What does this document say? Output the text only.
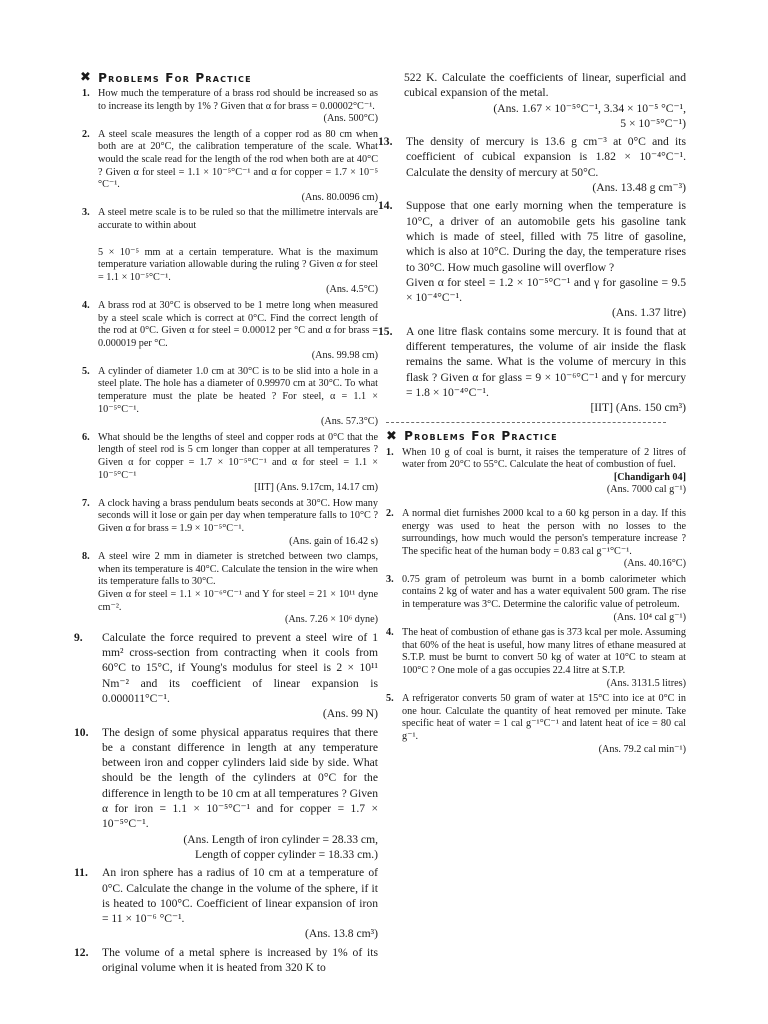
✖ Problems For Practice
1. How much the temperature of a brass rod should be increased so as to increase its length by 1% ? Given that α for brass = 0.00002°C⁻¹.
(Ans. 500°C)
2. A steel scale measures the length of a copper rod as 80 cm when both are at 20°C, the calibration temperature of the scale. What would the scale read for the length of the rod when both are at 40°C ? Given α for steel = 1.1 × 10⁻⁵°C⁻¹ and α for copper = 1.7 × 10⁻⁵ °C⁻¹.
(Ans. 80.0096 cm)
3. A steel metre scale is to be ruled so that the millimetre intervals are accurate to within about
5 × 10⁻⁵ mm at a certain temperature. What is the maximum temperature variation allowable during the ruling ? Given α for steel = 1.1 × 10⁻⁵°C⁻¹.
(Ans. 4.5°C)
4. A brass rod at 30°C is observed to be 1 metre long when measured by a steel scale which is correct at 0°C. Find the correct length of the rod at 0°C. Given α for steel = 0.00012 per °C and α for brass = 0.000019 per °C.
(Ans. 99.98 cm)
5. A cylinder of diameter 1.0 cm at 30°C is to be slid into a hole in a steel plate. The hole has a diameter of 0.99970 cm at 30°C. To what temperature must the plate be heated ? For steel, α = 1.1 × 10⁻⁵°C⁻¹.
(Ans. 57.3°C)
6. What should be the lengths of steel and copper rods at 0°C that the length of steel rod is 5 cm longer than copper at all temperatures ? Given α for copper = 1.7 × 10⁻⁵°C⁻¹ and α for steel = 1.1 × 10⁻⁵°C⁻¹
[IIT] (Ans. 9.17cm, 14.17 cm)
7. A clock having a brass pendulum beats seconds at 30°C. How many seconds will it lose or gain per day when temperature falls to 10°C ? Given α for brass = 1.9 × 10⁻⁵°C⁻¹.
(Ans. gain of 16.42 s)
8. A steel wire 2 mm in diameter is stretched between two clamps, when its temperature is 40°C. Calculate the tension in the wire when its temperature falls to 30°C.
Given α for steel = 1.1 × 10⁻⁶°C⁻¹ and Y for steel = 21 × 10¹¹ dyne cm⁻².
(Ans. 7.26 × 10⁶ dyne)
9.	Calculate the force required to prevent a steel wire of 1 mm² cross-section from contracting when it cools from 60°C to 15°C, if Young's modulus for steel is 2 × 10¹¹ Nm⁻² and its coefficient of linear expansion is 0.000011°C⁻¹.
(Ans. 99 N)
10.	The design of some physical apparatus requires that there be a constant difference in length at any temperature between iron and copper cylinders laid side by side. What should be the length of the cylinders at 0°C for the difference in length to be 10 cm at all temperatures ? Given α for iron = 1.1 × 10⁻⁵°C⁻¹ and for copper = 1.7 × 10⁻⁵°C⁻¹.
(Ans. Length of iron cylinder = 28.33 cm,
Length of copper cylinder = 18.33 cm.)
11.	An iron sphere has a radius of 10 cm at a temperature of 0°C. Calculate the change in the volume of the sphere, if it is heated to 100°C. Coefficient of linear expansion of iron = 11 × 10⁻⁶ °C⁻¹.
(Ans. 13.8 cm³)
12.	The volume of a metal sphere is increased by 1% of its original volume when it is heated from 320 K to
522 K. Calculate the coefficients of linear, superficial and cubical expansion of the metal.
(Ans. 1.67 × 10⁻⁵°C⁻¹, 3.34 × 10⁻⁵ °C⁻¹,
5 × 10⁻⁵°C⁻¹)
13.	The density of mercury is 13.6 g cm⁻³ at 0°C and its coefficient of cubical expansion is 1.82 × 10⁻⁴°C⁻¹. Calculate the density of mercury at 50°C.
(Ans. 13.48 g cm⁻³)
14.	Suppose that one early morning when the temperature is 10°C, a driver of an automobile gets his gasoline tank which is made of steel, filled with 75 litre of gasoline, which is also at 10°C. During the day, the temperature rises to 30°C. How much gasoline will overflow ?
Given α for steel = 1.2 × 10⁻⁵°C⁻¹ and γ for gasoline = 9.5 × 10⁻⁴°C⁻¹.
(Ans. 1.37 litre)
15.	A one litre flask contains some mercury. It is found that at different temperatures, the volume of air inside the flask remains the same. What is the volume of mercury in this flask ? Given α for glass = 9 × 10⁻⁶°C⁻¹ and γ for mercury = 1.8 × 10⁻⁴°C⁻¹.
[IIT] (Ans. 150 cm³)
✖ Problems For Practice
1. When 10 g of coal is burnt, it raises the temperature of 2 litres of water from 20°C to 55°C. Calculate the heat of combustion of fuel.
[Chandigarh 04]
(Ans. 7000 cal g⁻¹)
2. A normal diet furnishes 2000 kcal to a 60 kg person in a day. If this energy was used to heat the person with no losses to the surroundings, how much would the person's temperature increase ? The specific heat of the human body = 0.83 cal g⁻¹°C⁻¹.
(Ans. 40.16°C)
3. 0.75 gram of petroleum was burnt in a bomb calorimeter which contains 2 kg of water and has a water equivalent 500 gram. The rise in temperature was 3°C. Determine the calorific value of petroleum.
(Ans. 10⁴ cal g⁻¹)
4. The heat of combustion of ethane gas is 373 kcal per mole. Assuming that 60% of the heat is useful, how many litres of ethane measured at S.T.P. must be burnt to convert 50 kg of water at 10°C to steam at 100°C ? One mole of a gas occupies 22.4 litre at S.T.P.
(Ans. 3131.5 litres)
5. A refrigerator converts 50 gram of water at 15°C into ice at 0°C in one hour. Calculate the quantity of heat removed per minute. Take specific heat of water = 1 cal g⁻¹°C⁻¹ and latent heat of ice = 80 cal g⁻¹.
(Ans. 79.2 cal min⁻¹)
